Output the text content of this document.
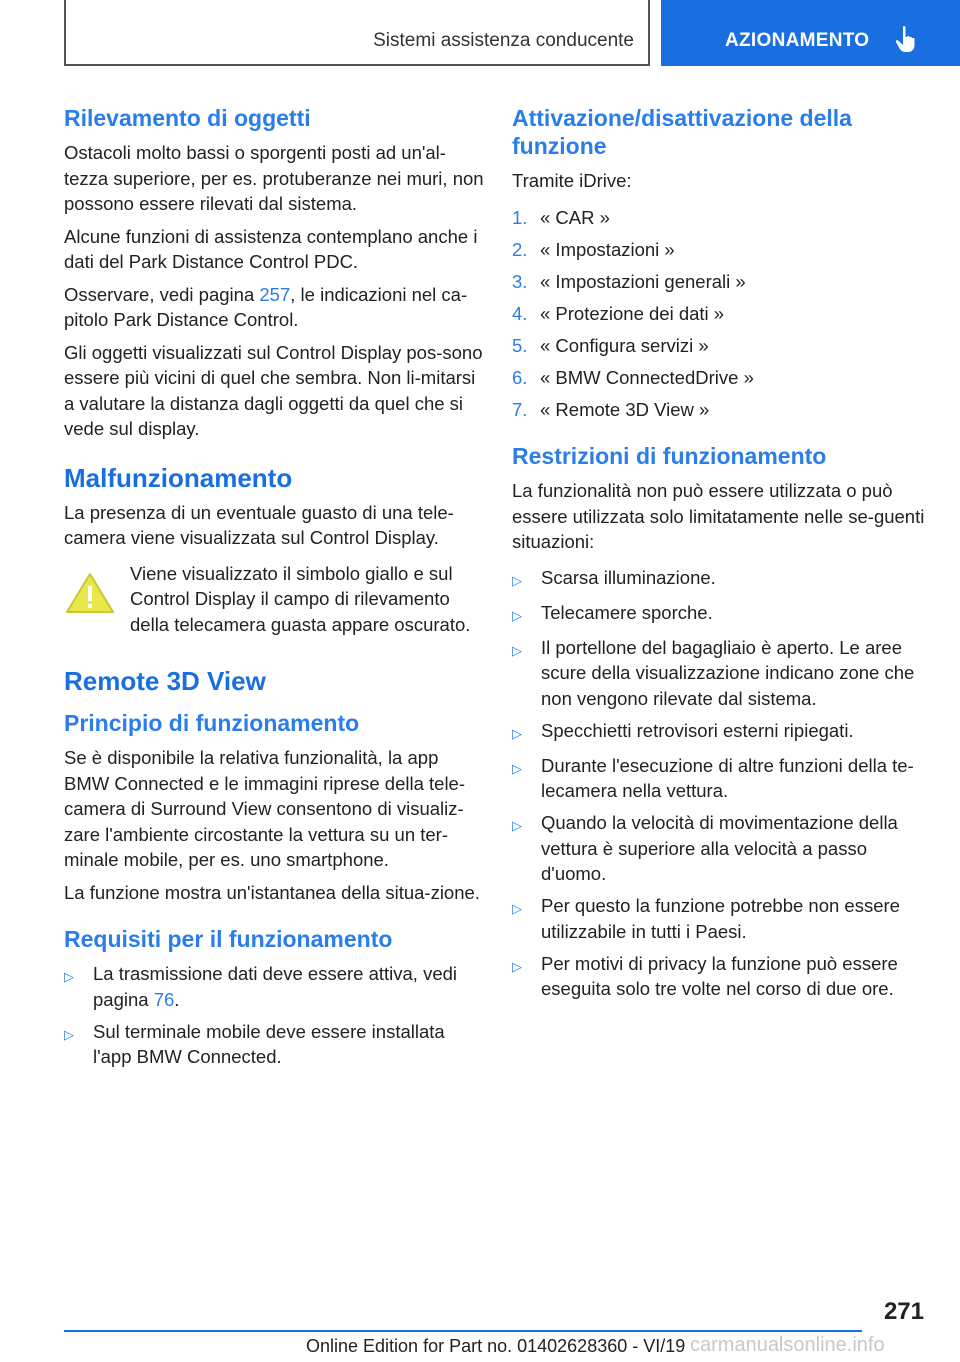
Sistemi assistenza conducente	AZIONAMENTO
Rilevamento di oggetti

Ostacoli molto bassi o sporgenti posti ad un'al-tezza superiore, per es. protuberanze nei muri, non possono essere rilevati dal sistema.

Alcune funzioni di assistenza contemplano anche i dati del Park Distance Control PDC.

Osservare, vedi pagina 257, le indicazioni nel ca-pitolo Park Distance Control.

Gli oggetti visualizzati sul Control Display pos-sono essere più vicini di quel che sembra. Non li-mitarsi a valutare la distanza dagli oggetti da quel che si vede sul display.

Malfunzionamento

La presenza di un eventuale guasto di una tele-camera viene visualizzata sul Control Display.

Viene visualizzato il simbolo giallo e sul Control Display il campo di rilevamento della telecamera guasta appare oscurato.
Remote 3D View
Principio di funzionamento

Se è disponibile la relativa funzionalità, la app BMW Connected e le immagini riprese della tele-camera di Surround View consentono di visualiz-zare l'ambiente circostante la vettura su un ter-minale mobile, per es. uno smartphone.

La funzione mostra un'istantanea della situa-zione.

Requisiti per il funzionamento
▷	La trasmissione dati deve essere attiva, vedi pagina 76.
▷	Sul terminale mobile deve essere installata l'app BMW Connected.
Attivazione/disattivazione della funzione

Tramite iDrive:

1. « CAR »
2. « Impostazioni »
3. « Impostazioni generali »
4. « Protezione dei dati »
5. « Configura servizi »
6. « BMW ConnectedDrive »
7. « Remote 3D View »
Restrizioni di funzionamento

La funzionalità non può essere utilizzata o può essere utilizzata solo limitatamente nelle se-guenti situazioni:

▷	Scarsa illuminazione.
▷	Telecamere sporche.
▷	Il portellone del bagagliaio è aperto. Le aree scure della visualizzazione indicano zone che non vengono rilevate dal sistema.
▷	Specchietti retrovisori esterni ripiegati.
▷	Durante l'esecuzione di altre funzioni della te-lecamera nella vettura.
▷	Quando la velocità di movimentazione della vettura è superiore alla velocità a passo d'uomo.
▷	Per questo la funzione potrebbe non essere utilizzabile in tutti i Paesi.
▷	Per motivi di privacy la funzione può essere eseguita solo tre volte nel corso di due ore.
271
Online Edition for Part no. 01402628360 - VI/19 carmanualsonline.info
